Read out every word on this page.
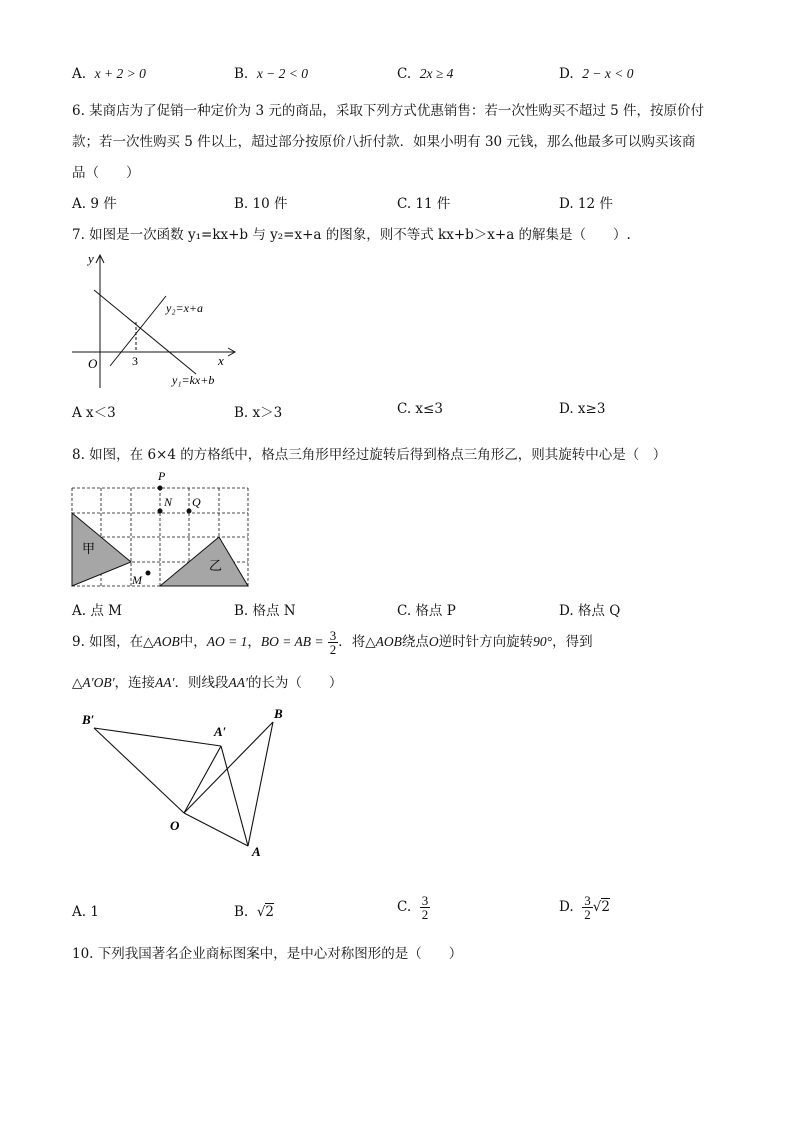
A. x + 2 > 0	B. x − 2 < 0	C. 2x ≥ 4	D. 2 − x < 0
6. 某商店为了促销一种定价为 3 元的商品，采取下列方式优惠销售：若一次性购买不超过 5 件，按原价付
款；若一次性购买 5 件以上，超过部分按原价八折付款．如果小明有 30 元钱，那么他最多可以购买该商
品（　　）
A. 9 件	B. 10 件	C. 11 件	D. 12 件
7. 如图是一次函数 y₁=kx+b 与 y₂=x+a 的图象，则不等式 kx+b＞x+a 的解集是（　　）.
y
x
O	3
y₂=x+a
y₁=kx+b
A x＜3	B. x＞3	C. x≤3	D. x≥3
8. 如图，在 6×4 的方格纸中，格点三角形甲经过旋转后得到格点三角形乙，则其旋转中心是（　）
P
N Q
M
甲
乙
A. 点 M	B. 格点 N	C. 格点 P	D. 格点 Q
9. 如图，在△AOB中，AO = 1，BO = AB = $\frac{3}{2}$ ．将△AOB绕点O逆时针方向旋转90°，得到
△A′OB′，连接AA′．则线段AA′的长为（　　）
B′
A′
B
O
A
A. 1	B. √2	C. $\frac{3}{2}$	D. $\frac{3}{2} √2$
10. 下列我国著名企业商标图案中，是中心对称图形的是（　　）
